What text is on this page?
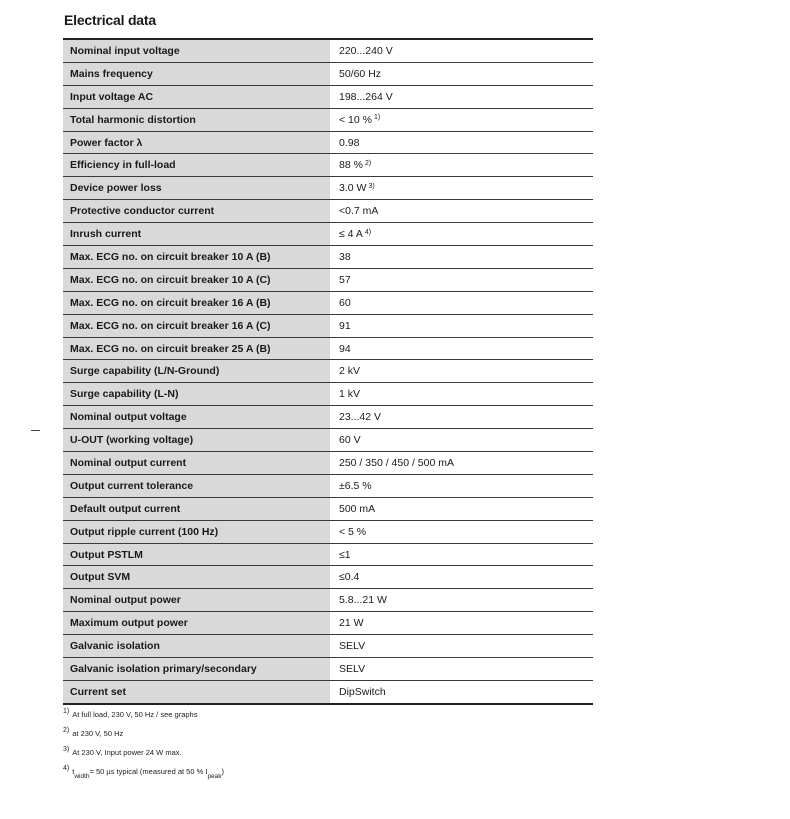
Electrical data
Nominal input voltage	220...240 V
Mains frequency	50/60 Hz
Input voltage AC	198...264 V
Total harmonic distortion	< 10 % $^{1)}$
Power factor λ	0.98
Efficiency in full-load	88 % $^{2)}$
Device power loss	3.0 W $^{3)}$
Protective conductor current	<0.7 mA
Inrush current	≤ 4 A $^{4)}$
Max. ECG no. on circuit breaker 10 A (B)	38
Max. ECG no. on circuit breaker 10 A (C)	57
Max. ECG no. on circuit breaker 16 A (B)	60
Max. ECG no. on circuit breaker 16 A (C)	91
Max. ECG no. on circuit breaker 25 A (B)	94
Surge capability (L/N-Ground)	2 kV
Surge capability (L-N)	1 kV
Nominal output voltage	23...42 V
U-OUT (working voltage)	60 V
Nominal output current	250 / 350 / 450 / 500 mA
Output current tolerance	±6.5 %
Default output current	500 mA
Output ripple current (100 Hz)	< 5 %
Output PSTLM	≤1
Output SVM	≤0.4
Nominal output power	5.8...21 W
Maximum output power	21 W
Galvanic isolation	SELV
Galvanic isolation primary/secondary	SELV
Current set	DipSwitch
1) At full load, 230 V, 50 Hz / see graphs
2) at 230 V, 50 Hz
3) At 230 V, Input power 24 W max.
4) t
width
= 50 µs typical (measured at 50 % I
peak
)
